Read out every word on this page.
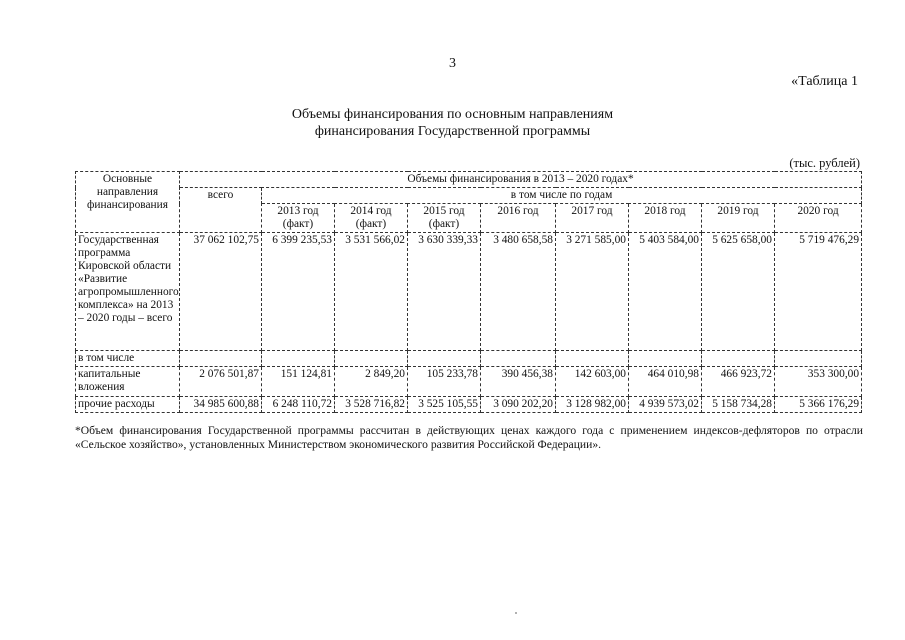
3
«Таблица 1
Объемы финансирования по основным направлениям
финансирования Государственной программы
(тыс. рублей)
Основные направления финансирования	Объемы финансирования в 2013 – 2020 годах*								
	всего	в том числе по годам							
		2013 год (факт)	2014 год (факт)	2015 год (факт)	2016 год	2017 год	2018 год	2019 год	2020 год
Государственная программа Кировской области «Развитие агропромышленного комплекса» на 2013 – 2020 годы – всего	37 062 102,75	6 399 235,53	3 531 566,02	3 630 339,33	3 480 658,58	3 271 585,00	5 403 584,00	5 625 658,00	5 719 476,29
в том числе									
капитальные вложения	2 076 501,87	151 124,81	2 849,20	105 233,78	390 456,38	142 603,00	464 010,98	466 923,72	353 300,00
прочие расходы	34 985 600,88	6 248 110,72	3 528 716,82	3 525 105,55	3 090 202,20	3 128 982,00	4 939 573,02	5 158 734,28	5 366 176,29
*Объем финансирования Государственной программы рассчитан в действующих ценах каждого года с применением индексов-дефляторов по отрасли «Сельское хозяйство», установленных Министерством экономического развития Российской Федерации».
